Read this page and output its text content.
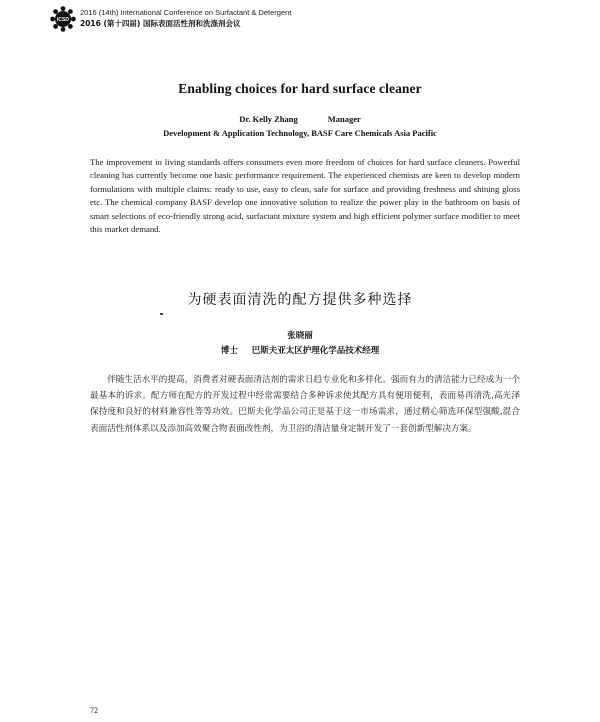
ICSD
2016 (14th) International Conference on Surfactant & Detergent
2016 (第十四届) 国际表面活性剂和洗涤剂会议
Enabling choices for hard surface cleaner
Dr. Kelly Zhang	Manager
Development & Application Technology, BASF Care Chemicals Asia Pacific
The improvement in living standards offers consumers even more freedom of choices for hard surface cleaners. Powerful cleaning has currently become one basic performance requirement. The experienced chemists are keen to develop modern formulations with multiple claims: ready to use, easy to clean, safe for surface and providing freshness and shining gloss etc. The chemical company BASF develop one innovative solution to realize the power play in the bathroom on basis of smart selections of eco-friendly strong acid, surfactant mixture system and high efficient polymer surface modifier to meet this market demand.
为硬表面清洗的配方提供多种选择
张晓丽
博士 巴斯夫亚太区护理化学品技术经理
伴随生活水平的提高，消费者对硬表面清洁剂的需求日趋专业化和多样化。强而有力的清洁能力已经成为一个最基本的诉求。配方师在配方的开发过程中经常需要结合多种诉求使其配方具有便用便利，表面易再清洗,高光泽保持度和良好的材料兼容性等等功效。巴斯夫化学品公司正是基于这一市场需求，通过精心筛选环保型强酸,混合表面活性剂体系以及添加高效聚合物表面改性剂，为卫浴的清洁量身定制开发了一套创新型解决方案。
72
